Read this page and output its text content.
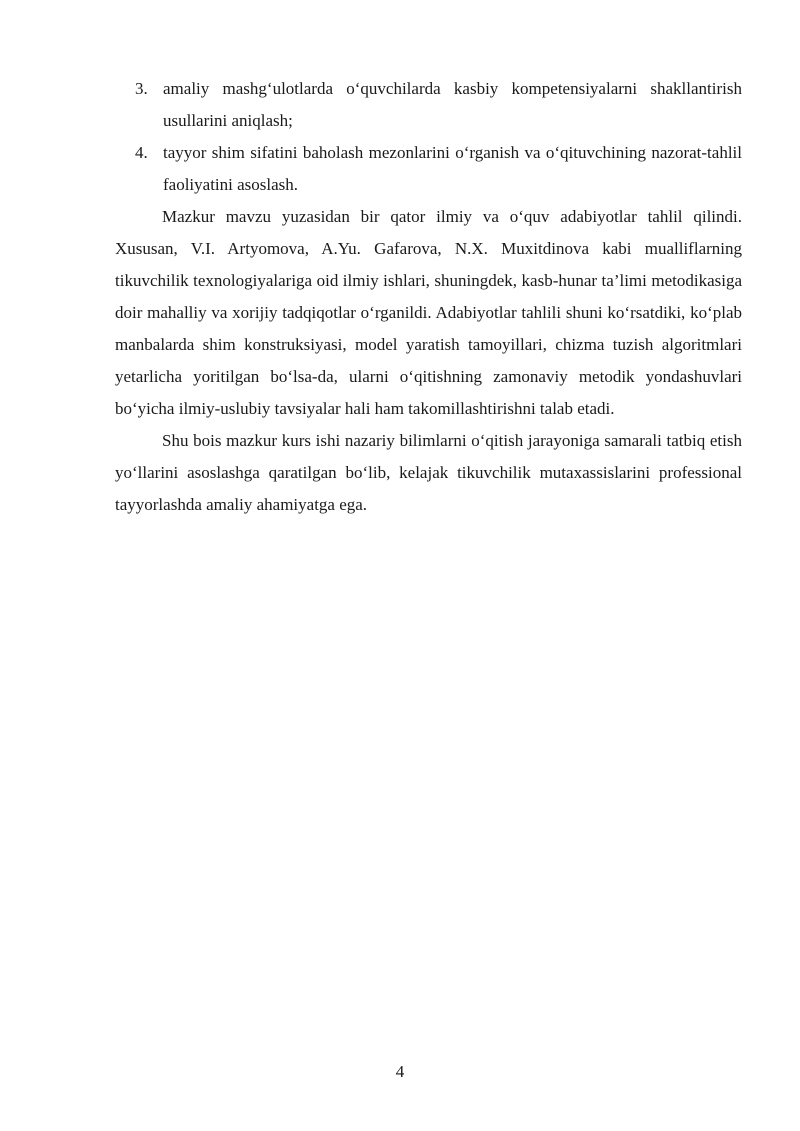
3. amaliy mashg‘ulotlarda o‘quvchilarda kasbiy kompetensiyalarni shakllantirish usullarini aniqlash;
4. tayyor shim sifatini baholash mezonlarini o‘rganish va o‘qituvchining nazorat-tahlil faoliyatini asoslash.

Mazkur mavzu yuzasidan bir qator ilmiy va o‘quv adabiyotlar tahlil qilindi. Xususan, V.I. Artyomova, A.Yu. Gafarova, N.X. Muxitdinova kabi mualliflarning tikuvchilik texnologiyalariga oid ilmiy ishlari, shuningdek, kasb-hunar ta’limi metodikasiga doir mahalliy va xorijiy tadqiqotlar o‘rganildi. Adabiyotlar tahlili shuni ko‘rsatdiki, ko‘plab manbalarda shim konstruksiyasi, model yaratish tamoyillari, chizma tuzish algoritmlari yetarlicha yoritilgan bo‘lsa-da, ularni o‘qitishning zamonaviy metodik yondashuvlari bo‘yicha ilmiy-uslubiy tavsiyalar hali ham takomillashtirishni talab etadi.

Shu bois mazkur kurs ishi nazariy bilimlarni o‘qitish jarayoniga samarali tatbiq etish yo‘llarini asoslashga qaratilgan bo‘lib, kelajak tikuvchilik mutaxassislarini professional tayyorlashda amaliy ahamiyatga ega.

4
